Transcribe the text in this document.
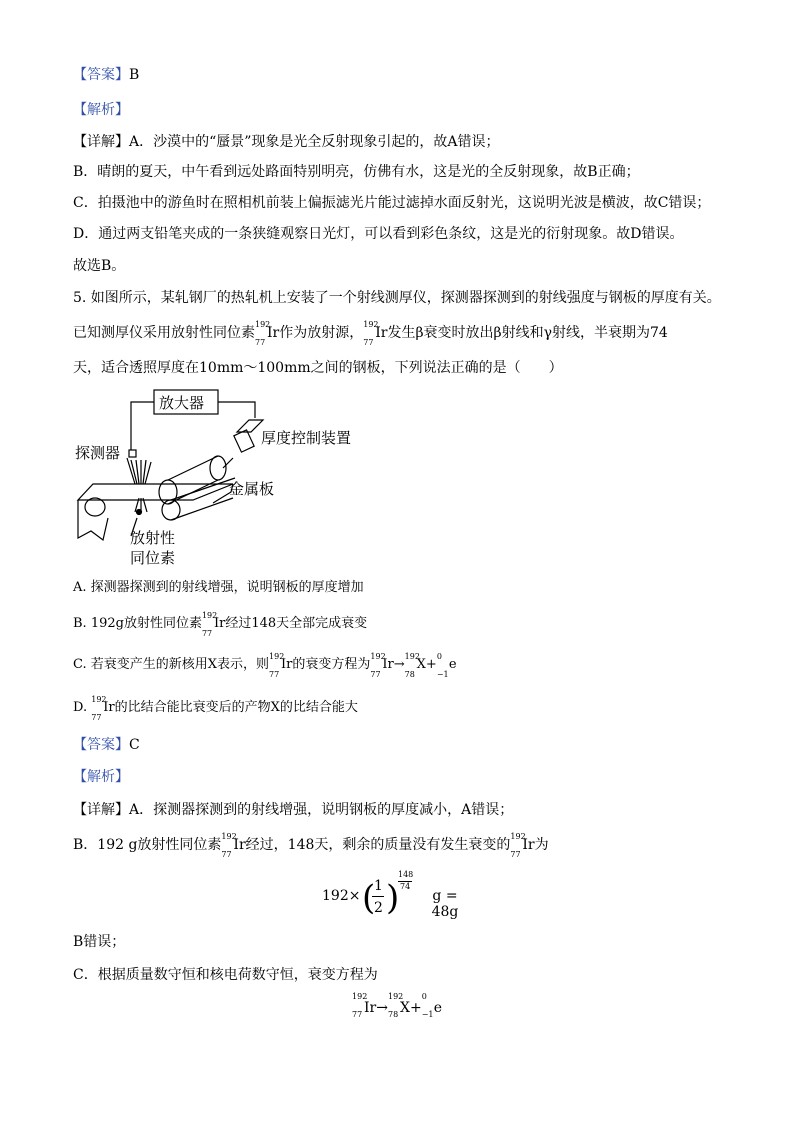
【答案】B
【解析】
【详解】A．沙漠中的“蜃景”现象是光全反射现象引起的，故A错误；
B．晴朗的夏天，中午看到远处路面特别明亮，仿佛有水，这是光的全反射现象，故B正确；
C．拍摄池中的游鱼时在照相机前装上偏振滤光片能过滤掉水面反射光，这说明光波是横波，故C错误；
D．通过两支铅笔夹成的一条狭缝观察日光灯，可以看到彩色条纹，这是光的衍射现象。故D错误。
故选B。
5. 如图所示，某轧钢厂的热轧机上安装了一个射线测厚仪，探测器探测到的射线强度与钢板的厚度有关。
已知测厚仪采用放射性同位素
192
77
Ir作为放射源，
192
77
Ir发生β衰变时放出β射线和γ射线，半衰期为74
天，适合透照厚度在10mm～100mm之间的钢板，下列说法正确的是（　　）
放大器
厚度控制装置
探测器
金属板
放射性
同位素
A. 探测器探测到的射线增强，说明钢板的厚度增加
B. 192g放射性同位素
192
77
Ir经过148天全部完成衰变
C. 若衰变产生的新核用X表示，则
192
77
Ir的衰变方程为
192
77
Ir→
192
78
X+
0
−1
e
D.
192
77
Ir的比结合能比衰变后的产物X的比结合能大
【答案】C
【解析】
【详解】A．探测器探测到的射线增强，说明钢板的厚度减小，A错误；
B．192 g放射性同位素
192
77
Ir经过，148天，剩余的质量没有发生衰变的
192
77
Ir为
192× (
1
2 )
148
74
g = 48g
B错误；
C．根据质量数守恒和核电荷数守恒，衰变方程为
192
77 Ir→
192
78 X+
0
−1 e
